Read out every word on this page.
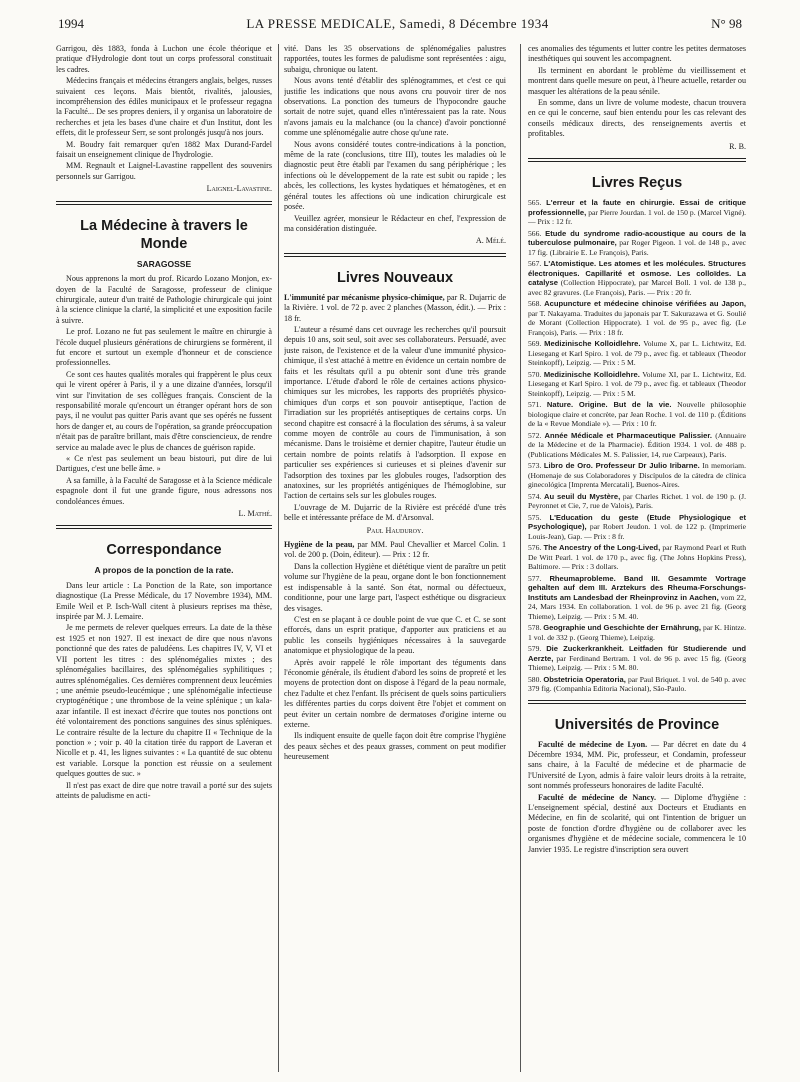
1994	LA PRESSE MEDICALE, Samedi, 8 Décembre 1934	N° 98

Garrigou, dès 1883, fonda à Luchon une école théorique et pratique d'Hydrologie dont tout un corps professoral constituait les cadres.

Médecins français et médecins étrangers anglais, belges, russes suivaient ces leçons. Mais bientôt, rivalités, jalousies, incompréhension des édiles municipaux et le professeur regagna la Faculté... De ses propres deniers, il y organisa un laboratoire de recherches et jeta les bases d'une chaire et d'un Institut, dont les effets, dit le professeur Serr, se sont prolongés jusqu'à nos jours.

M. Boudry fait remarquer qu'en 1882 Max Durand-Fardel faisait un enseignement clinique de l'hydrologie.

MM. Regnault et Laignel-Lavastine rappellent des souvenirs personnels sur Garrigou.

Laignel-Lavastine.

La Médecine à travers le Monde
SARAGOSSE

Nous apprenons la mort du prof. Ricardo Lozano Monjon, ex-doyen de la Faculté de Saragosse, professeur de clinique chirurgicale, auteur d'un traité de Pathologie chirurgicale qui joint à la science clinique la clarté, la simplicité et une exposition facile à suivre.

Le prof. Lozano ne fut pas seulement le maître en chirurgie à l'école duquel plusieurs générations de chirurgiens se formèrent, il fut encore et surtout un exemple d'honneur et de conscience professionnelles.

Ce sont ces hautes qualités morales qui frappèrent le plus ceux qui le virent opérer à Paris, il y a une dizaine d'années, lorsqu'il vint sur l'invitation de ses collègues français. Conscient de la responsabilité morale qu'encourt un étranger opérant hors de son pays, il ne voulut pas quitter Paris avant que ses opérés ne fussent hors de danger et, au cours de l'opération, sa grande préoccupation n'était pas de paraître brillant, mais d'être consciencieux, de rendre service au malade avec le plus de chances de guérison rapide.

« Ce n'est pas seulement un beau bistouri, put dire de lui Dartigues, c'est une belle âme. »

A sa famille, à la Faculté de Saragosse et à la Science médicale espagnole dont il fut une grande figure, nous adressons nos condoléances émues.

L. Mathé.

Correspondance
A propos de la ponction de la rate.

Dans leur article : La Ponction de la Rate, son importance diagnostique (La Presse Médicale, du 17 Novembre 1934), MM. Emile Weil et P. Isch-Wall citent à plusieurs reprises ma thèse, inspirée par M. J. Lemaire.

Je me permets de relever quelques erreurs. La date de la thèse est 1925 et non 1927. Il est inexact de dire que nous n'avons ponctionné que des rates de paludéens. Les chapitres IV, V, VI et VII portent les titres : des splénomégalies mixtes ; des splénomégalies bacillaires, des splénomégalies syphilitiques ; autres splénomégalies. Ces dernières comprennent deux leucémies ; une anémie pseudo-leucémique ; une splénomégalie infectieuse cryptogénétique ; une thrombose de la veine splénique ; un kala-azar infantile. Il est inexact d'écrire que toutes nos ponctions ont été volontairement des ponctions sanguines des sinus spléniques. Le contraire résulte de la lecture du chapitre II « Technique de la ponction » ; voir p. 40 la citation tirée du rapport de Laveran et Nicolle et p. 41, les lignes suivantes : « La quantité de suc obtenu est variable. Lorsque la ponction est réussie on a seulement quelques gouttes de suc. »

Il n'est pas exact de dire que notre travail a porté sur des sujets atteints de paludisme en acti-

vité. Dans les 35 observations de splénomégalies palustres rapportées, toutes les formes de paludisme sont représentées : aigu, subaigu, chronique ou latent.

Nous avons tenté d'établir des splénogrammes, et c'est ce qui justifie les indications que nous avons cru pouvoir tirer de nos observations. La ponction des tumeurs de l'hypocondre gauche sortait de notre sujet, quand elles n'intéressaient pas la rate. Nous n'avons jamais eu la malchance (ou la chance) d'avoir ponctionné comme une splénomégalie autre chose qu'une rate.

Nous avons considéré toutes contre-indications à la ponction, même de la rate (conclusions, titre III), toutes les maladies où le diagnostic peut être établi par l'examen du sang périphérique ; les infections où le développement de la rate est subit ou rapide ; les abcès, les collections, les kystes hydatiques et hématogènes, et en général toutes les affections où une indication chirurgicale est posée.

Veuillez agréer, monsieur le Rédacteur en chef, l'expression de ma considération distinguée.

A. Mélé.

Livres Nouveaux

L'immunité par mécanisme physico-chimique, par R. Dujarric de la Rivière. 1 vol. de 72 p. avec 2 planches (Masson, édit.). — Prix : 18 fr.

L'auteur a résumé dans cet ouvrage les recherches qu'il poursuit depuis 10 ans, soit seul, soit avec ses collaborateurs. Persuadé, avec juste raison, de l'existence et de la valeur d'une immunité physico-chimique, il s'est attaché à mettre en évidence un certain nombre de faits et les résultats qu'il a pu obtenir sont d'une très grande importance. L'étude d'abord le rôle de certaines actions physico-chimiques sur les microbes, les rapports des propriétés physico-chimiques d'un corps et son pouvoir antiseptique, l'action de l'irradiation sur les propriétés antiseptiques de certains corps. Un second chapitre est consacré à la floculation des sérums, à sa valeur comme moyen de contrôle au cours de l'immunisation, à son mécanisme. Dans le troisième et dernier chapitre, l'auteur étudie un certain nombre de points relatifs à l'adsorption. Il expose en particulier ses expériences si curieuses et si pleines d'avenir sur l'adsorption des toxines par les globules rouges, l'adsorption des anatoxines, sur les propriétés antigéniques de l'hémoglobine, sur l'action de certains sels sur les globules rouges.

L'ouvrage de M. Dujarric de la Rivière est précédé d'une très belle et intéressante préface de M. d'Arsonval.

Paul Hauduroy.

Hygiène de la peau, par MM. Paul Chevallier et Marcel Colin. 1 vol. de 200 p. (Doin, éditeur). — Prix : 12 fr.

Dans la collection Hygiène et diététique vient de paraître un petit volume sur l'hygiène de la peau, organe dont le bon fonctionnement est indispensable à la santé. Son état, normal ou défectueux, conditionne, pour une large part, l'aspect esthétique ou disgracieux des visages.

C'est en se plaçant à ce double point de vue que C. et C. se sont efforcés, dans un esprit pratique, d'apporter aux praticiens et au public les conseils hygiéniques nécessaires à la sauvegarde anatomique et physiologique de la peau.

Après avoir rappelé le rôle important des téguments dans l'économie générale, ils étudient d'abord les soins de propreté et les moyens de protection dont on dispose à l'égard de la peau normale, chez l'adulte et chez l'enfant. Ils précisent de quels soins particuliers les différentes parties du corps doivent être l'objet et comment on peut éviter un certain nombre de dermatoses d'origine interne ou externe.

Ils indiquent ensuite de quelle façon doit être comprise l'hygiène des peaux sèches et des peaux grasses, comment on peut modifier heureusement

ces anomalies des téguments et lutter contre les petites dermatoses inesthétiques qui souvent les accompagnent.

Ils terminent en abordant le problème du vieillissement et montrent dans quelle mesure on peut, à l'heure actuelle, retarder ou masquer les altérations de la peau sénile.

En somme, dans un livre de volume modeste, chacun trouvera en ce qui le concerne, sauf bien entendu pour les cas relevant des conseils médicaux directs, des renseignements avertis et profitables.

R. B.

Livres Reçus

565. L'erreur et la faute en chirurgie. Essai de critique professionnelle, par Pierre Jourdan. 1 vol. de 150 p. (Marcel Vigné). — Prix : 12 fr.

566. Etude du syndrome radio-acoustique au cours de la tuberculose pulmonaire, par Roger Pigeon. 1 vol. de 148 p., avec 17 fig. (Librairie E. Le François), Paris.

567. L'Atomistique. Les atomes et les molécules. Structures électroniques. Capillarité et osmose. Les colloïdes. La catalyse (Collection Hippocrate), par Marcel Boll. 1 vol. de 138 p., avec 82 gravures. (Le François), Paris. — Prix : 20 fr.

568. Acupuncture et médecine chinoise vérifiées au Japon, par T. Nakayama. Traduites du japonais par T. Sakurazawa et G. Soulié de Morant (Collection Hippocrate). 1 vol. de 95 p., avec fig. (Le François), Paris. — Prix : 18 fr.

569. Medizinische Kolloidlehre. Volume X, par L. Lichtwitz, Ed. Liesegang et Karl Spiro. 1 vol. de 79 p., avec fig. et tableaux (Theodor Steinkopff), Leipzig. — Prix : 5 M.

570. Medizinische Kolloidlehre. Volume XI, par L. Lichtwitz, Ed. Liesegang et Karl Spiro. 1 vol. de 79 p., avec fig. et tableaux (Theodor Steinkopff), Leipzig. — Prix : 5 M.

571. Nature. Origine. But de la vie. Nouvelle philosophie biologique claire et concrète, par Jean Roche. 1 vol. de 110 p. (Éditions de la « Revue Mondiale »). — Prix : 10 fr.

572. Année Médicale et Pharmaceutique Palissier. (Annuaire de la Médecine et de la Pharmacie). Édition 1934. 1 vol. de 488 p. (Publications Médicales M. S. Palissier, 14, rue Carpeaux), Paris.

573. Libro de Oro. Professeur Dr Julio Iribarne. In memoriam. (Homenaje de sus Colaboradores y Discípulos de la cátedra de clínica ginecológica [Imprenta Mercatali], Buenos-Aires.

574. Au seuil du Mystère, par Charles Richet. 1 vol. de 190 p. (J. Peyronnet et Cie, 7, rue de Valois), Paris.

575. L'Education du geste (Etude Physiologique et Psychologique), par Robert Jeudon. 1 vol. de 122 p. (Imprimerie Louis-Jean), Gap. — Prix : 8 fr.

576. The Ancestry of the Long-Lived, par Raymond Pearl et Ruth De Witt Pearl. 1 vol. de 170 p., avec fig. (The Johns Hopkins Press), Baltimore. — Prix : 3 dollars.

577. Rheumaprobleme. Band III. Gesammte Vortrage gehalten auf dem III. Arztekurs des Rheuma-Forschungs-Instituts am Landesbad der Rheinprovinz in Aachen, vom 22, 24, Mars 1934. En collaboration. 1 vol. de 96 p. avec 21 fig. (Georg Thieme), Leipzig. — Prix : 5 M. 40.

578. Geographie und Geschichte der Ernährung, par K. Hintze. 1 vol. de 332 p. (Georg Thieme), Leipzig.

579. Die Zuckerkrankheit. Leitfaden für Studierende und Aerzte, par Ferdinand Bertram. 1 vol. de 96 p. avec 15 fig. (Georg Thieme), Leipzig. — Prix : 5 M. 80.

580. Obstetricia Operatoria, par Paul Briquet. 1 vol. de 540 p. avec 379 fig. (Companhia Editoria Nacional), São-Paulo.

Universités de Province

Faculté de médecine de Lyon. — Par décret en date du 4 Décembre 1934, MM. Pic, professeur, et Condamin, professeur sans chaire, à la Faculté de médecine et de pharmacie de l'Université de Lyon, admis à faire valoir leurs droits à la retraite, sont nommés professeurs honoraires de ladite Faculté.

Faculté de médecine de Nancy. — Diplome d'hygiène : L'enseignement spécial, destiné aux Docteurs et Etudiants en Médecine, en fin de scolarité, qui ont l'intention de briguer un poste de fonction d'ordre d'hygiène ou de collaborer avec les organismes d'hygiène et de médecine sociale, commencera le 10 Janvier 1935. Le registre d'inscription sera ouvert
